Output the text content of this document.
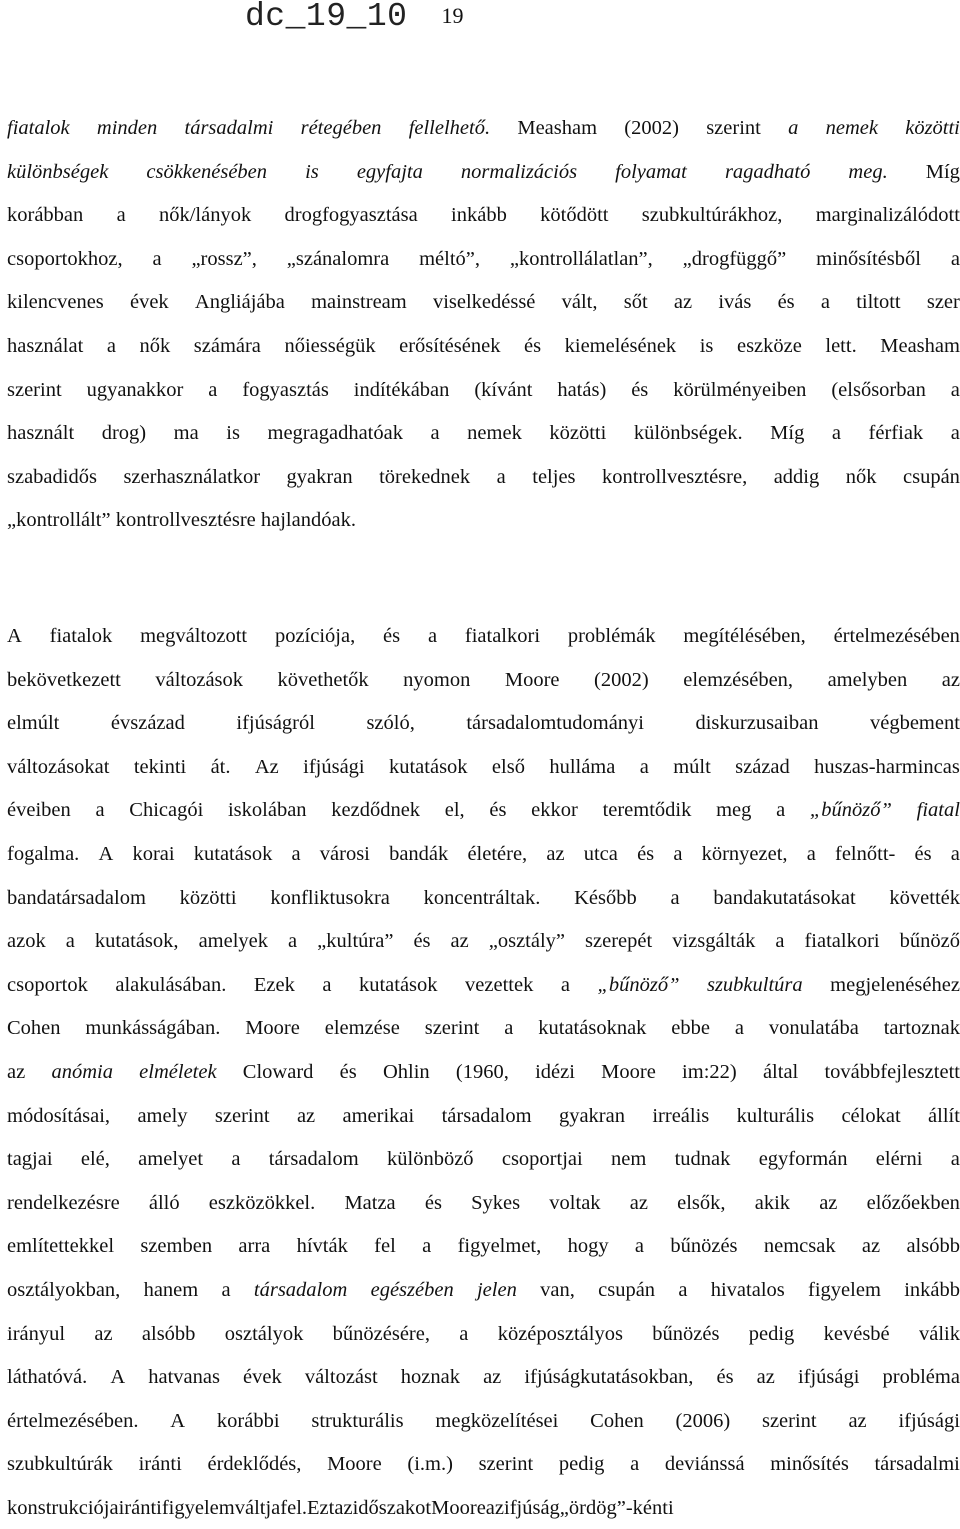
dc_19_10 19
fiatalok minden társadalmi rétegében fellelhető. Measham (2002) szerint a nemek közötti
különbségek csökkenésében is egyfajta normalizációs folyamat ragadható meg. Míg
korábban a nők/lányok drogfogyasztása inkább kötődött szubkultúrákhoz, marginalizálódott
csoportokhoz, a „rossz”, „szánalomra méltó”, „kontrollálatlan”, „drogfüggő” minősítésből a
kilencvenes évek Angliájába mainstream viselkedéssé vált, sőt az ivás és a tiltott szer
használat a nők számára nőiességük erősítésének és kiemelésének is eszköze lett. Measham
szerint ugyanakkor a fogyasztás indítékában (kívánt hatás) és körülményeiben (elsősorban a
használt drog) ma is megragadhatóak a nemek közötti különbségek. Míg a férfiak a
szabadidős szerhasználatkor gyakran törekednek a teljes kontrollvesztésre, addig nők csupán
„kontrollált” kontrollvesztésre hajlandóak.
A fiatalok megváltozott pozíciója, és a fiatalkori problémák megítélésében, értelmezésében
bekövetkezett változások követhetők nyomon Moore (2002) elemzésében, amelyben az
elmúlt	évszázad	ifjúságról	szóló,	társadalomtudományi	diskurzusaiban	végbement
változásokat tekinti át. Az ifjúsági kutatások első hulláma a múlt század huszas-harmincas
éveiben a Chicagói iskolában kezdődnek el, és ekkor teremtődik meg a „bűnöző” fiatal
fogalma. A korai kutatások a városi bandák életére, az utca és a környezet, a felnőtt- és a
bandatársadalom közötti konfliktusokra koncentráltak. Később a bandakutatásokat követték
azok a kutatások, amelyek a „kultúra” és az „osztály” szerepét vizsgálták a fiatalkori bűnöző
csoportok alakulásában. Ezek a kutatások vezettek a „bűnöző” szubkultúra megjelenéséhez
Cohen munkásságában. Moore elemzése szerint a kutatásoknak ebbe a vonulatába tartoznak
az anómia elméletek Cloward és Ohlin (1960, idézi Moore im:22) által továbbfejlesztett
módosításai, amely szerint az amerikai társadalom gyakran irreális kulturális célokat állít
tagjai elé, amelyet a társadalom különböző csoportjai nem tudnak egyformán elérni a
rendelkezésre álló eszközökkel. Matza és Sykes voltak az elsők, akik az előzőekben
említettekkel szemben arra hívták fel a figyelmet, hogy a bűnözés nemcsak az alsóbb
osztályokban, hanem a társadalom egészében jelen van, csupán a hivatalos figyelem inkább
irányul az alsóbb osztályok bűnözésére, a középosztályos bűnözés pedig kevésbé válik
láthatóvá. A hatvanas évek változást hoznak az ifjúságkutatásokban, és az ifjúsági probléma
értelmezésében. A korábbi strukturális megközelítései Cohen (2006) szerint az ifjúsági
szubkultúrák iránti érdeklődés, Moore (i.m.) szerint pedig a deviánssá minősítés társadalmi
konstrukciója iránti figyelem váltja fel. Ezt az időszakot Moore az ifjúság „ördög”-kénti
